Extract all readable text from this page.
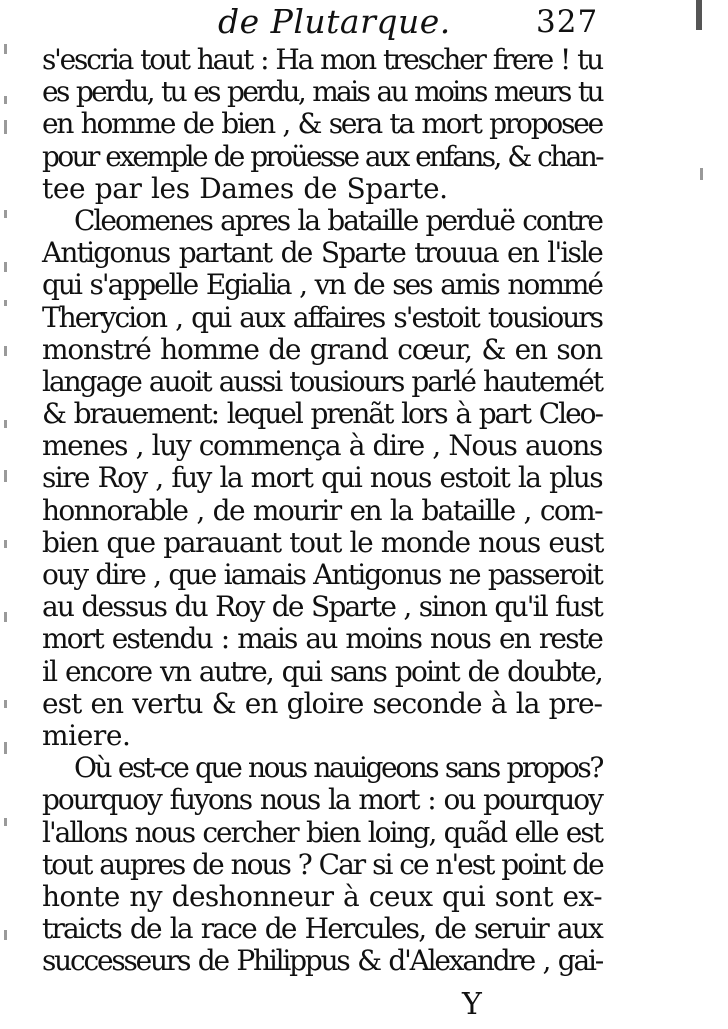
de Plutarque.	327
s'escria tout haut : Ha mon trescher frere ! tu
es perdu, tu es perdu, mais au moins meurs tu
en homme de bien , & sera ta mort proposee
pour exemple de proüesse aux enfans, & chan-
tee par les Dames de Sparte.
Cleomenes apres la bataille perduë contre
Antigonus partant de Sparte trouua en l'isle
qui s'appelle Egialia , vn de ses amis nommé
Therycion , qui aux affaires s'estoit tousiours
monstré homme de grand cœur, & en son
langage auoit aussi tousiours parlé hautemét
& brauement: lequel prenãt lors à part Cleo-
menes , luy commença à dire , Nous auons
sire Roy , fuy la mort qui nous estoit la plus
honnorable , de mourir en la bataille , com-
bien que parauant tout le monde nous eust
ouy dire , que iamais Antigonus ne passeroit
au dessus du Roy de Sparte , sinon qu'il fust
mort estendu : mais au moins nous en reste
il encore vn autre, qui sans point de doubte,
est en vertu & en gloire seconde à la pre-
miere.
Où est-ce que nous nauigeons sans propos?
pourquoy fuyons nous la mort : ou pourquoy
l'allons nous cercher bien loing, quãd elle est
tout aupres de nous ? Car si ce n'est point de
honte ny deshonneur à ceux qui sont ex-
traicts de la race de Hercules, de seruir aux
successeurs de Philippus & d'Alexandre , gai-
Y
